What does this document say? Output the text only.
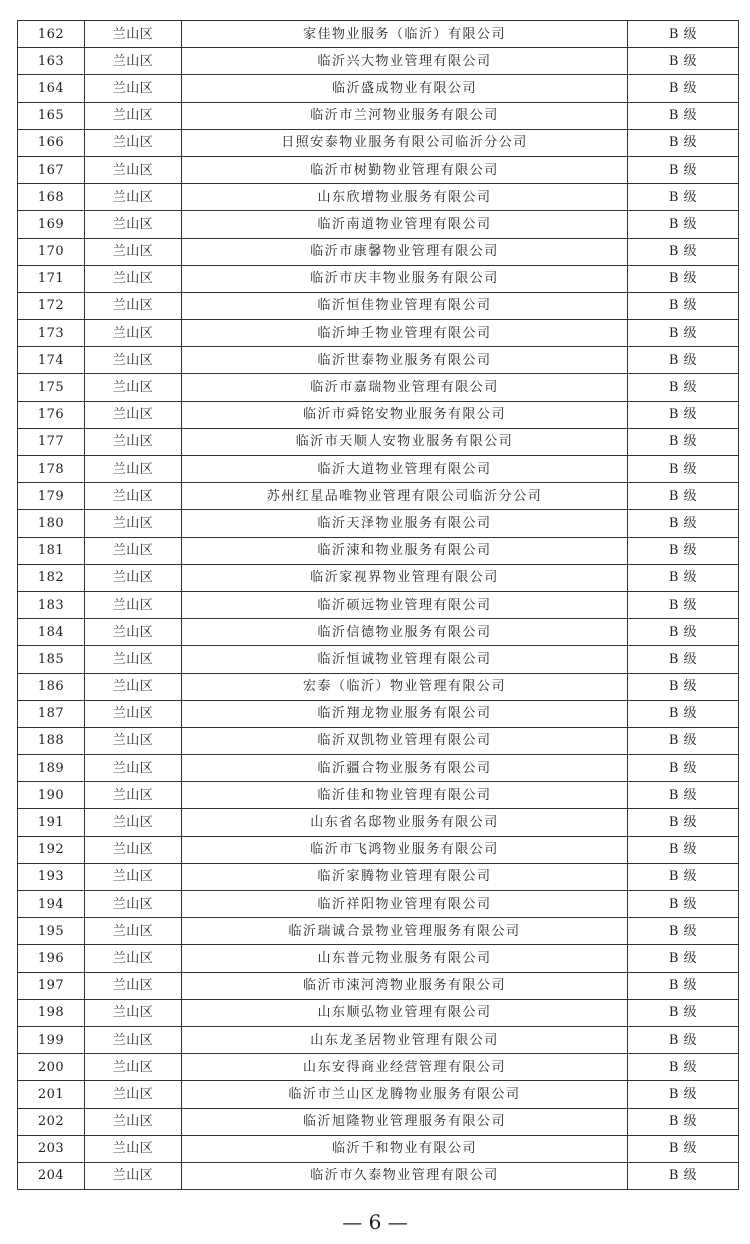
162	兰山区	家佳物业服务（临沂）有限公司	B 级
163	兰山区	临沂兴大物业管理有限公司	B 级
164	兰山区	临沂盛成物业有限公司	B 级
165	兰山区	临沂市兰河物业服务有限公司	B 级
166	兰山区	日照安泰物业服务有限公司临沂分公司	B 级
167	兰山区	临沂市树勤物业管理有限公司	B 级
168	兰山区	山东欣增物业服务有限公司	B 级
169	兰山区	临沂南道物业管理有限公司	B 级
170	兰山区	临沂市康馨物业管理有限公司	B 级
171	兰山区	临沂市庆丰物业服务有限公司	B 级
172	兰山区	临沂恒佳物业管理有限公司	B 级
173	兰山区	临沂坤壬物业管理有限公司	B 级
174	兰山区	临沂世泰物业服务有限公司	B 级
175	兰山区	临沂市嘉瑞物业管理有限公司	B 级
176	兰山区	临沂市舜铭安物业服务有限公司	B 级
177	兰山区	临沂市天顺人安物业服务有限公司	B 级
178	兰山区	临沂大道物业管理有限公司	B 级
179	兰山区	苏州红星品唯物业管理有限公司临沂分公司	B 级
180	兰山区	临沂天泽物业服务有限公司	B 级
181	兰山区	临沂涑和物业服务有限公司	B 级
182	兰山区	临沂家视界物业管理有限公司	B 级
183	兰山区	临沂硕远物业管理有限公司	B 级
184	兰山区	临沂信德物业服务有限公司	B 级
185	兰山区	临沂恒诚物业管理有限公司	B 级
186	兰山区	宏泰（临沂）物业管理有限公司	B 级
187	兰山区	临沂翔龙物业服务有限公司	B 级
188	兰山区	临沂双凯物业管理有限公司	B 级
189	兰山区	临沂疆合物业服务有限公司	B 级
190	兰山区	临沂佳和物业管理有限公司	B 级
191	兰山区	山东省名邸物业服务有限公司	B 级
192	兰山区	临沂市飞鸿物业服务有限公司	B 级
193	兰山区	临沂家腾物业管理有限公司	B 级
194	兰山区	临沂祥阳物业管理有限公司	B 级
195	兰山区	临沂瑞诚合景物业管理服务有限公司	B 级
196	兰山区	山东普元物业服务有限公司	B 级
197	兰山区	临沂市涑河湾物业服务有限公司	B 级
198	兰山区	山东顺弘物业管理有限公司	B 级
199	兰山区	山东龙圣居物业管理有限公司	B 级
200	兰山区	山东安得商业经营管理有限公司	B 级
201	兰山区	临沂市兰山区龙腾物业服务有限公司	B 级
202	兰山区	临沂旭隆物业管理服务有限公司	B 级
203	兰山区	临沂千和物业有限公司	B 级
204	兰山区	临沂市久泰物业管理有限公司	B 级
— 6 —
